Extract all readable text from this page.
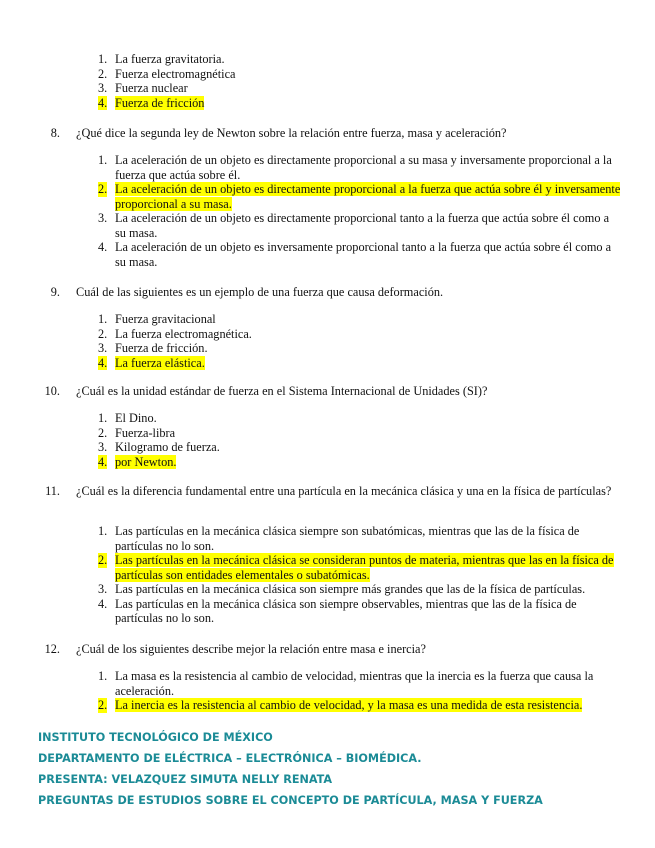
1. La fuerza gravitatoria.
2. Fuerza electromagnética
3. Fuerza nuclear
4. Fuerza de fricción
8.	¿Qué dice la segunda ley de Newton sobre la relación entre fuerza, masa y aceleración?
1. La aceleración de un objeto es directamente proporcional a su masa y inversamente proporcional a la fuerza que actúa sobre él.
2. La aceleración de un objeto es directamente proporcional a la fuerza que actúa sobre él y inversamente proporcional a su masa.
3. La aceleración de un objeto es directamente proporcional tanto a la fuerza que actúa sobre él como a su masa.
4. La aceleración de un objeto es inversamente proporcional tanto a la fuerza que actúa sobre él como a su masa.
9.	Cuál de las siguientes es un ejemplo de una fuerza que causa deformación.
1. Fuerza gravitacional
2. La fuerza electromagnética.
3. Fuerza de fricción.
4. La fuerza elástica.
10.	¿Cuál es la unidad estándar de fuerza en el Sistema Internacional de Unidades (SI)?
1. El Dino.
2. Fuerza-libra
3. Kilogramo de fuerza.
4. por Newton.
11.	¿Cuál es la diferencia fundamental entre una partícula en la mecánica clásica y una en la física de partículas?
1. Las partículas en la mecánica clásica siempre son subatómicas, mientras que las de la física de partículas no lo son.
2. Las partículas en la mecánica clásica se consideran puntos de materia, mientras que las en la física de partículas son entidades elementales o subatómicas.
3. Las partículas en la mecánica clásica son siempre más grandes que las de la física de partículas.
4. Las partículas en la mecánica clásica son siempre observables, mientras que las de la física de partículas no lo son.
12.	¿Cuál de los siguientes describe mejor la relación entre masa e inercia?
1. La masa es la resistencia al cambio de velocidad, mientras que la inercia es la fuerza que causa la aceleración.
2. La inercia es la resistencia al cambio de velocidad, y la masa es una medida de esta resistencia.
INSTITUTO TECNOLÓGICO DE MÉXICO
DEPARTAMENTO DE ELÉCTRICA – ELECTRÓNICA – BIOMÉDICA.
PRESENTA: VELAZQUEZ SIMUTA NELLY RENATA
PREGUNTAS DE ESTUDIOS SOBRE EL CONCEPTO DE PARTÍCULA, MASA Y FUERZA
